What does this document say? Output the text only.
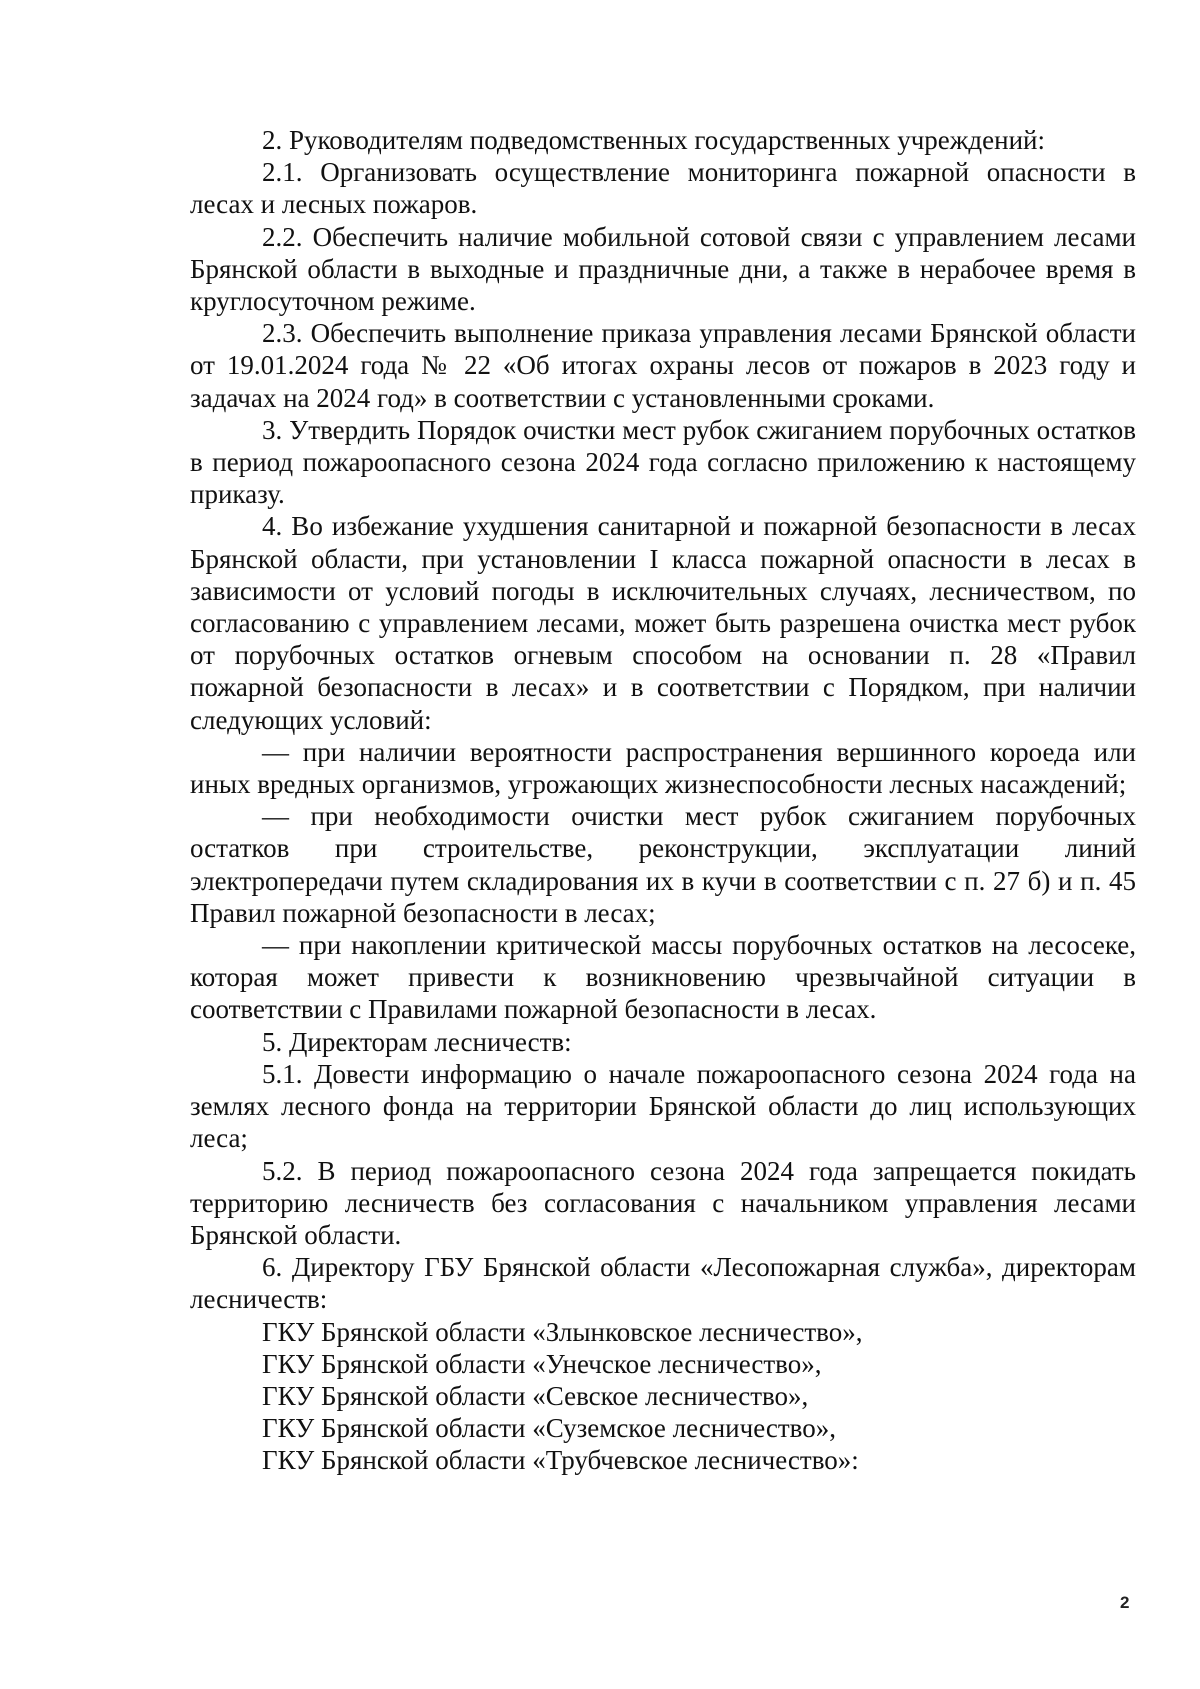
2. Руководителям подведомственных государственных учреждений:

2.1. Организовать осуществление мониторинга пожарной опасности в лесах и лесных пожаров.

2.2. Обеспечить наличие мобильной сотовой связи с управлением лесами Брянской области в выходные и праздничные дни, а также в нерабочее время в круглосуточном режиме.

2.3. Обеспечить выполнение приказа управления лесами Брянской области от 19.01.2024 года № 22 «Об итогах охраны лесов от пожаров в 2023 году и задачах на 2024 год» в соответствии с установленными сроками.

3. Утвердить Порядок очистки мест рубок сжиганием порубочных остатков в период пожароопасного сезона 2024 года согласно приложению к настоящему приказу.

4. Во избежание ухудшения санитарной и пожарной безопасности в лесах Брянской области, при установлении I класса пожарной опасности в лесах в зависимости от условий погоды в исключительных случаях, лесничеством, по согласованию с управлением лесами, может быть разрешена очистка мест рубок от порубочных остатков огневым способом на основании п. 28 «Правил пожарной безопасности в лесах» и в соответствии с Порядком, при наличии следующих условий:

— при наличии вероятности распространения вершинного короеда или иных вредных организмов, угрожающих жизнеспособности лесных насаждений;

— при необходимости очистки мест рубок сжиганием порубочных остатков при строительстве, реконструкции, эксплуатации линий электропередачи путем складирования их в кучи в соответствии с п. 27 б) и п. 45 Правил пожарной безопасности в лесах;

— при накоплении критической массы порубочных остатков на лесосеке, которая может привести к возникновению чрезвычайной ситуации в соответствии с Правилами пожарной безопасности в лесах.

5. Директорам лесничеств:

5.1. Довести информацию о начале пожароопасного сезона 2024 года на землях лесного фонда на территории Брянской области до лиц использующих леса;

5.2. В период пожароопасного сезона 2024 года запрещается покидать территорию лесничеств без согласования с начальником управления лесами Брянской области.

6. Директору ГБУ Брянской области «Лесопожарная служба», директорам лесничеств:

ГКУ Брянской области «Злынковское лесничество»,

ГКУ Брянской области «Унечское лесничество»,

ГКУ Брянской области «Севское лесничество»,

ГКУ Брянской области «Суземское лесничество»,

ГКУ Брянской области «Трубчевское лесничество»:

2
